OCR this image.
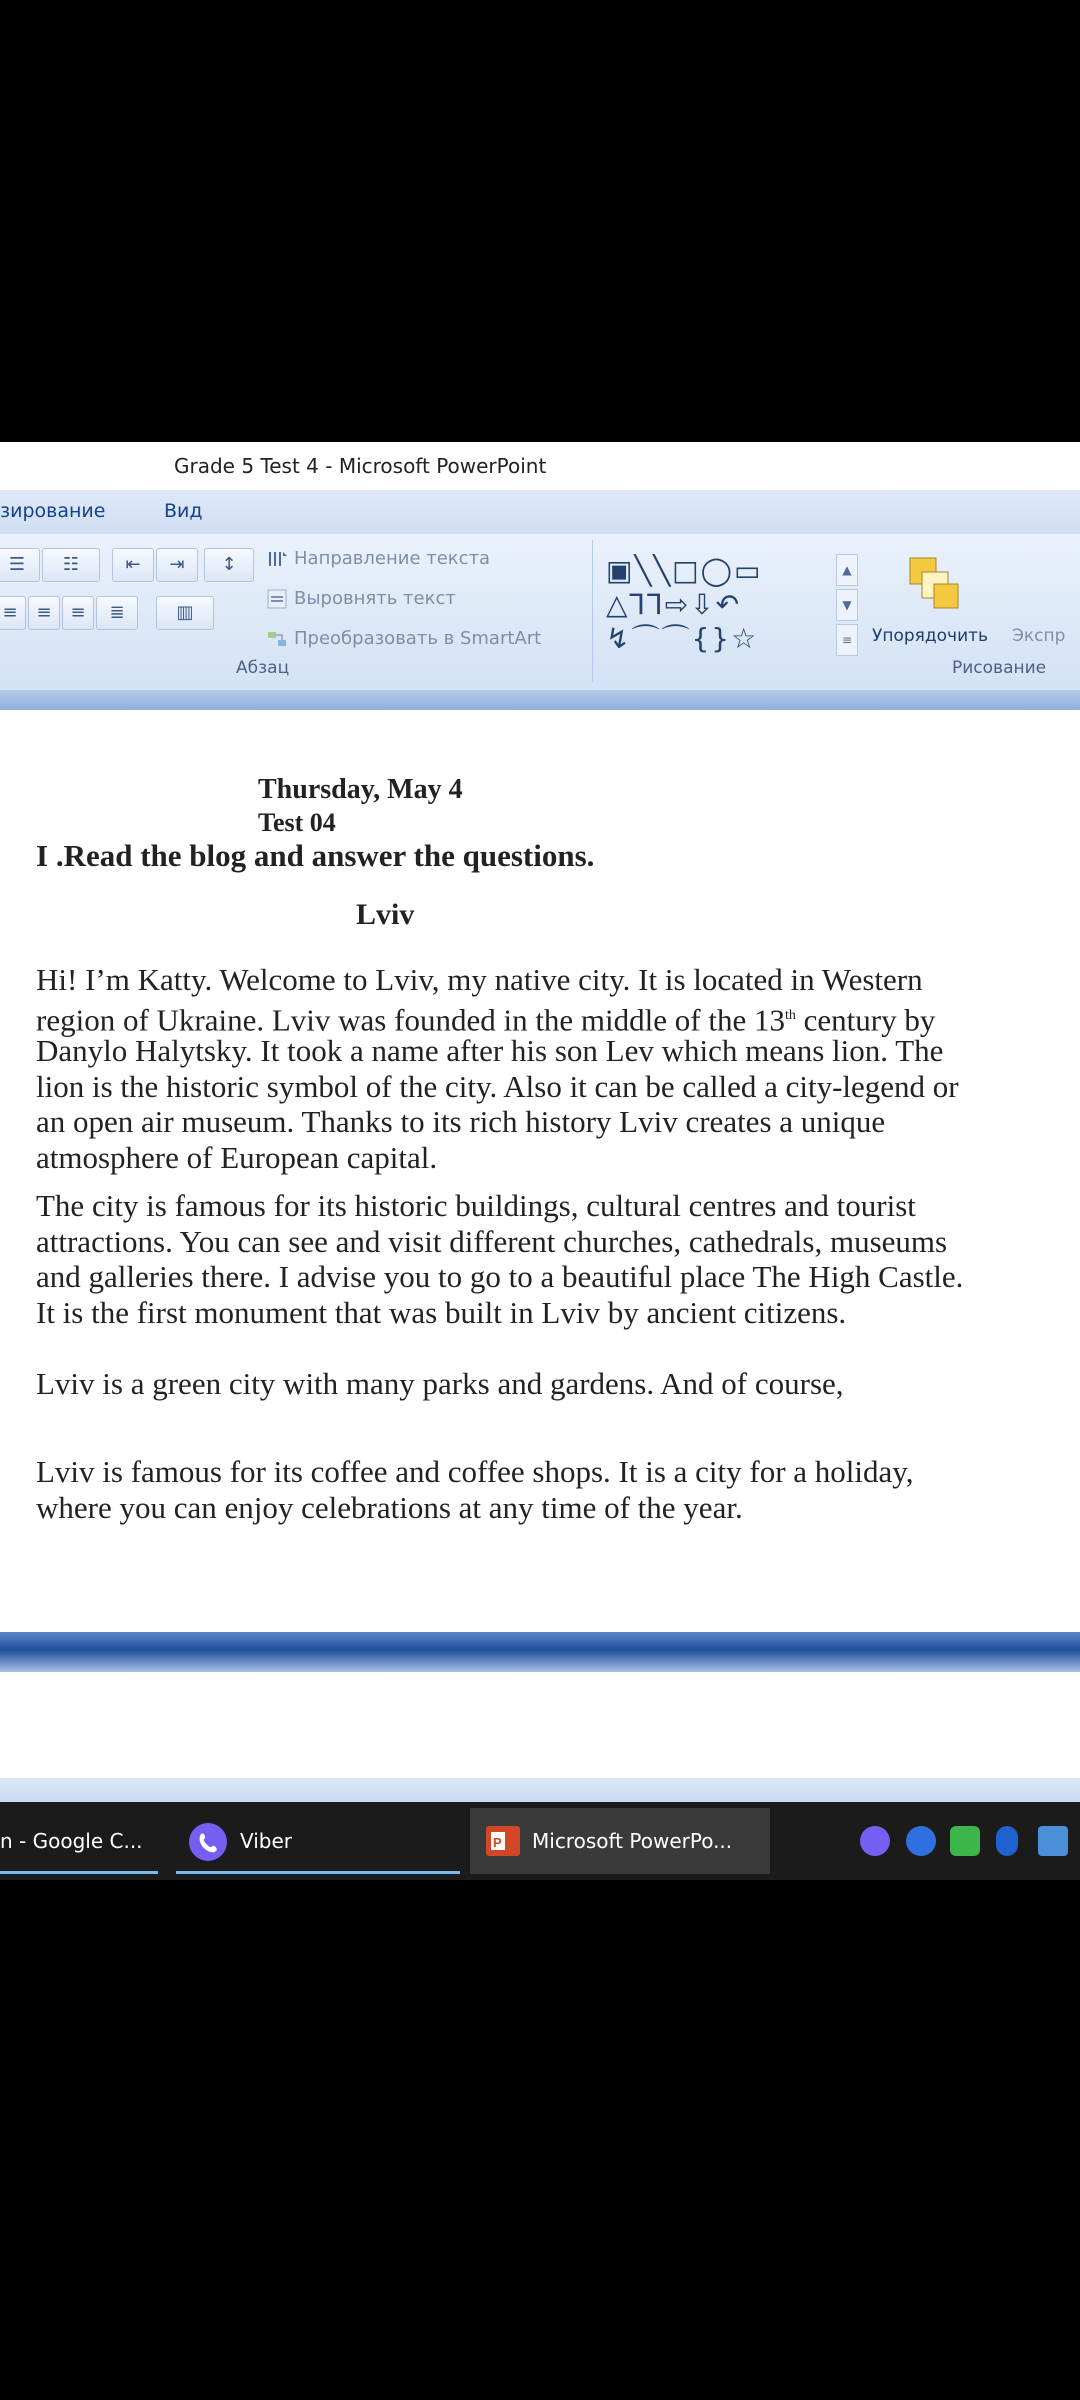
Grade 5 Test 4 - Microsoft PowerPoint
зирование	Вид
☰	☷	⇤	⇥	↕
≡	≡	≡	≣	▥
Направление текста
Выровнять текст
Преобразовать в SmartArt
Абзац
▣╲╲□◯▭
△⅂⅂⇨⇩↶
↯⌒⌒{}☆
▲
▼
≡	Упорядочить Экспр
Рисование
Thursday, May 4
Test 04
I .Read the blog and answer the questions.
Lviv
Hi! I’m Katty. Welcome to Lviv, my native city. It is located in Western
region of Ukraine. Lviv was founded in the middle of the 13th century by
Danylo Halytsky. It took a name after his son Lev which means lion. The
lion is the historic symbol of the city. Also it can be called a city-legend or
an open air museum. Thanks to its rich history Lviv creates a unique
atmosphere of European capital.
The city is famous for its historic buildings, cultural centres and tourist
attractions. You can see and visit different churches, cathedrals, museums
and galleries there. I advise you to go to a beautiful place The High Castle.
It is the first monument that was built in Lviv by ancient citizens.
Lviv is a green city with many parks and gardens. And of course,
Lviv is famous for its coffee and coffee shops. It is a city for a holiday,
where you can enjoy celebrations at any time of the year.
n - Google C...	Viber	P Microsoft PowerPo...
